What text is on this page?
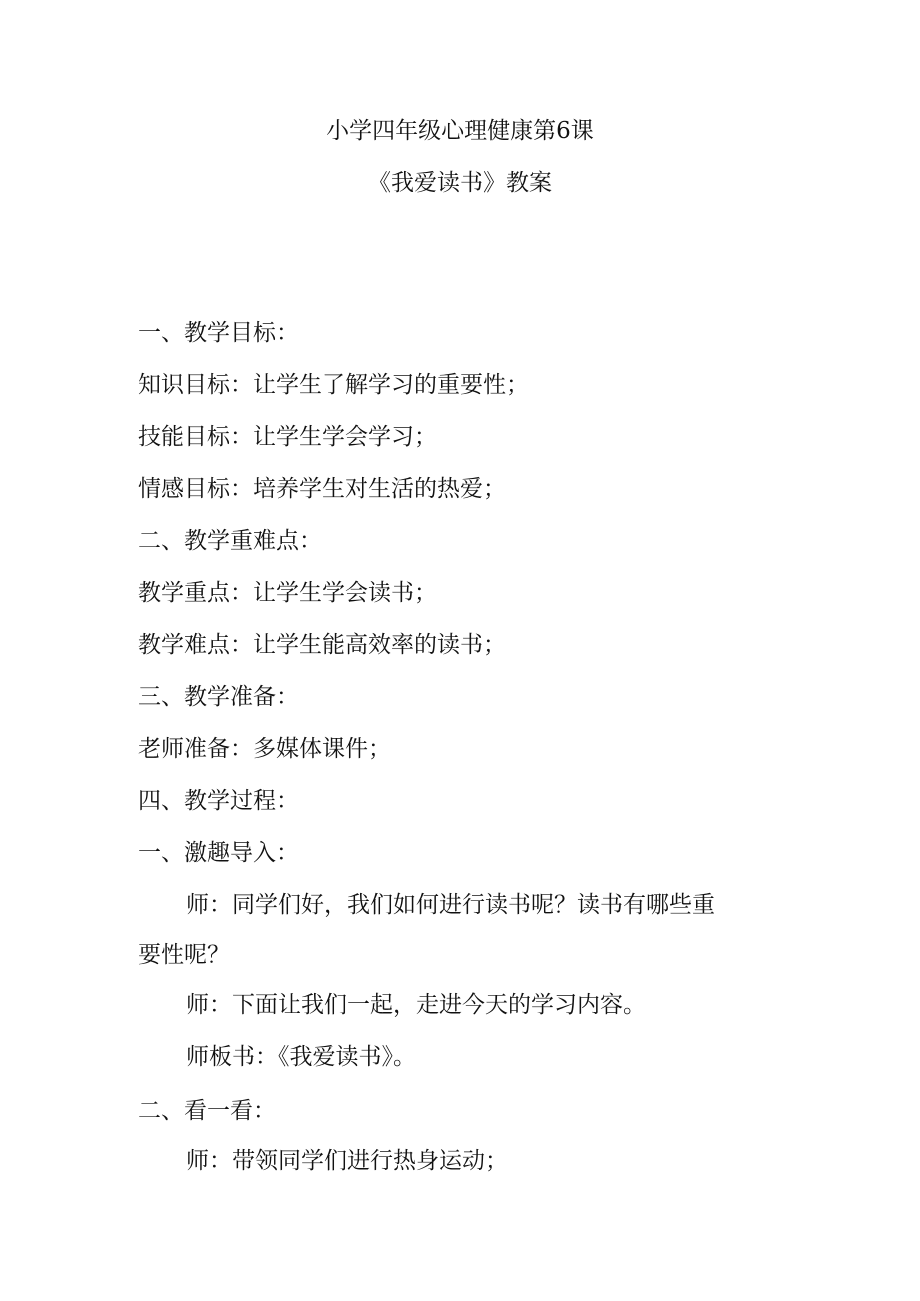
小学四年级心理健康第6课
《我爱读书》教案
一、教学目标：
知识目标：让学生了解学习的重要性；
技能目标：让学生学会学习；
情感目标：培养学生对生活的热爱；
二、教学重难点：
教学重点：让学生学会读书；
教学难点：让学生能高效率的读书；
三、教学准备：
老师准备：多媒体课件；
四、教学过程：
一、激趣导入：
师：同学们好，我们如何进行读书呢？读书有哪些重
要性呢？
师：下面让我们一起，走进今天的学习内容。
师板书：《我爱读书》。
二、看一看：
师：带领同学们进行热身运动；
